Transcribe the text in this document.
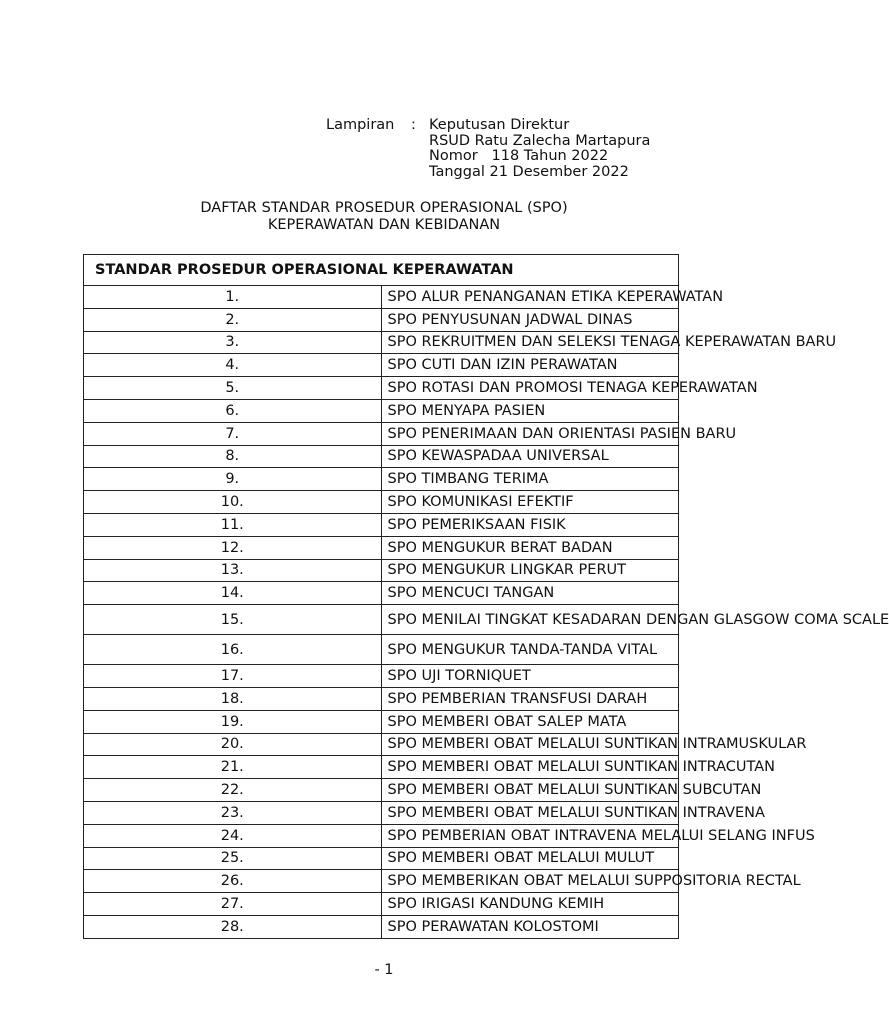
Lampiran	: Keputusan Direktur
RSUD Ratu Zalecha Martapura
Nomor   118 Tahun 2022
Tanggal 21 Desember 2022
DAFTAR STANDAR PROSEDUR OPERASIONAL (SPO)
KEPERAWATAN DAN KEBIDANAN
STANDAR PROSEDUR OPERASIONAL KEPERAWATAN	
1.	SPO ALUR PENANGANAN ETIKA KEPERAWATAN
2.	SPO PENYUSUNAN JADWAL DINAS
3.	SPO REKRUITMEN DAN SELEKSI TENAGA KEPERAWATAN BARU
4.	SPO CUTI DAN IZIN PERAWATAN
5.	SPO ROTASI DAN PROMOSI TENAGA KEPERAWATAN
6.	SPO MENYAPA PASIEN
7.	SPO PENERIMAAN DAN ORIENTASI PASIEN BARU
8.	SPO KEWASPADAA UNIVERSAL
9.	SPO TIMBANG TERIMA
10.	SPO KOMUNIKASI EFEKTIF
11.	SPO PEMERIKSAAN FISIK
12.	SPO MENGUKUR BERAT BADAN
13.	SPO MENGUKUR LINGKAR PERUT
14.	SPO MENCUCI TANGAN
15.	SPO MENILAI TINGKAT KESADARAN DENGAN GLASGOW COMA SCALE
16.	SPO MENGUKUR TANDA-TANDA VITAL
17.	SPO UJI TORNIQUET
18.	SPO PEMBERIAN TRANSFUSI DARAH
19.	SPO MEMBERI OBAT SALEP MATA
20.	SPO MEMBERI OBAT MELALUI SUNTIKAN INTRAMUSKULAR
21.	SPO MEMBERI OBAT MELALUI SUNTIKAN INTRACUTAN
22.	SPO MEMBERI OBAT MELALUI SUNTIKAN SUBCUTAN
23.	SPO MEMBERI OBAT MELALUI SUNTIKAN INTRAVENA
24.	SPO PEMBERIAN OBAT INTRAVENA MELALUI SELANG INFUS
25.	SPO MEMBERI OBAT MELALUI MULUT
26.	SPO MEMBERIKAN OBAT MELALUI SUPPOSITORIA RECTAL
27.	SPO IRIGASI KANDUNG KEMIH
28.	SPO PERAWATAN KOLOSTOMI
- 1
